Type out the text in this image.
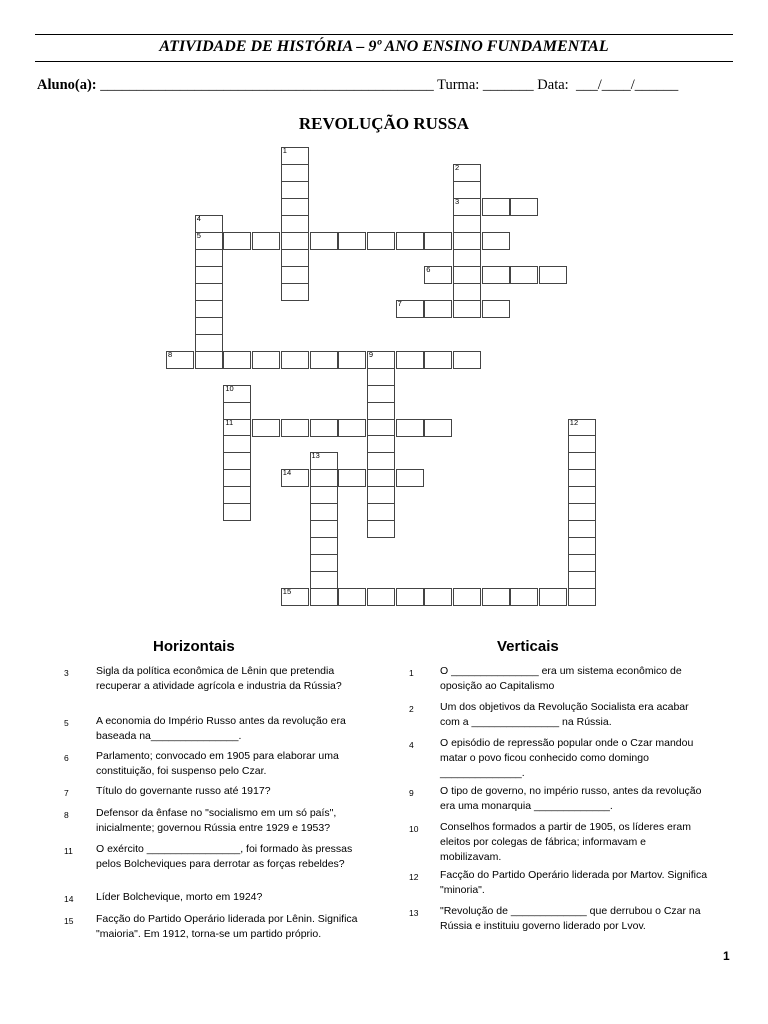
ATIVIDADE DE HISTÓRIA – 9º ANO ENSINO FUNDAMENTAL
Aluno(a): ______________________________________________ Turma: _______ Data: ___/____/______
REVOLUÇÃO RUSSA
1
2
3
4
5
6
7
8	9
10
11	12
13
14
15
Horizontais	Verticais
3	Sigla da política econômica de Lênin que pretendia recuperar a atividade agrícola e industria da Rússia?
5	A economia do Império Russo antes da revolução era baseada na_______________.
6	Parlamento; convocado em 1905 para elaborar uma constituição, foi suspenso pelo Czar.
7	Título do governante russo até 1917?
8	Defensor da ênfase no "socialismo em um só país", inicialmente; governou Rússia entre 1929 e 1953?
11 O exército ________________, foi formado às pressas pelos Bolcheviques para derrotar as forças rebeldes?
14 Líder Bolchevique, morto em 1924?
15 Facção do Partido Operário liderada por Lênin. Significa "maioria". Em 1912, torna-se um partido próprio.
1	O _______________ era um sistema econômico de oposição ao Capitalismo
2	Um dos objetivos da Revolução Socialista era acabar com a _______________ na Rússia.
4	O episódio de repressão popular onde o Czar mandou matar o povo ficou conhecido como domingo ______________.
9	O tipo de governo, no império russo, antes da revolução era uma monarquia _____________.
10 Conselhos formados a partir de 1905, os líderes eram eleitos por colegas de fábrica; informavam e mobilizavam.
12 Facção do Partido Operário liderada por Martov. Significa "minoria".
13 "Revolução de _____________ que derrubou o Czar na Rússia e instituiu governo liderado por Lvov.
1
